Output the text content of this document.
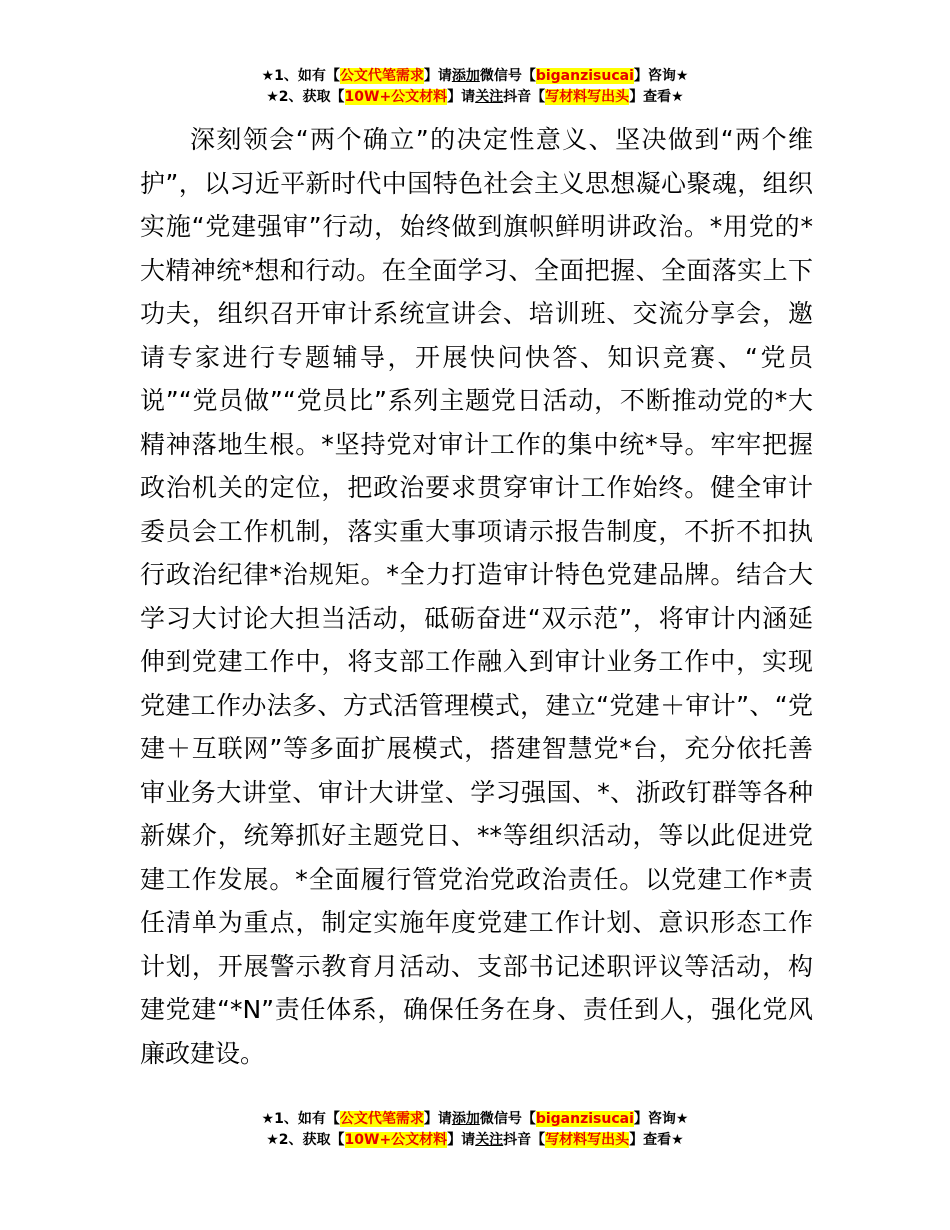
★1、如有【公文代笔需求】请添加微信号【biganzisucai】咨询★
★2、获取【10W+公文材料】请关注抖音【写材料写出头】查看★

深刻领会“两个确立”的决定性意义、坚决做到“两个维护”，以习近平新时代中国特色社会主义思想凝心聚魂，组织实施“党建强审”行动，始终做到旗帜鲜明讲政治。*用党的*大精神统*想和行动。在全面学习、全面把握、全面落实上下功夫，组织召开审计系统宣讲会、培训班、交流分享会，邀请专家进行专题辅导，开展快问快答、知识竞赛、“党员说”“党员做”“党员比”系列主题党日活动，不断推动党的*大精神落地生根。*坚持党对审计工作的集中统*导。牢牢把握政治机关的定位，把政治要求贯穿审计工作始终。健全审计委员会工作机制，落实重大事项请示报告制度，不折不扣执行政治纪律*治规矩。*全力打造审计特色党建品牌。结合大学习大讨论大担当活动，砥砺奋进“双示范”，将审计内涵延伸到党建工作中，将支部工作融入到审计业务工作中，实现党建工作办法多、方式活管理模式，建立“党建＋审计”、“党建＋互联网”等多面扩展模式，搭建智慧党*台，充分依托善审业务大讲堂、审计大讲堂、学习强国、*、浙政钉群等各种新媒介，统筹抓好主题党日、**等组织活动，等以此促进党建工作发展。*全面履行管党治党政治责任。以党建工作*责任清单为重点，制定实施年度党建工作计划、意识形态工作计划，开展警示教育月活动、支部书记述职评议等活动，构建党建“*N”责任体系，确保任务在身、责任到人，强化党风廉政建设。

★1、如有【公文代笔需求】请添加微信号【biganzisucai】咨询★
★2、获取【10W+公文材料】请关注抖音【写材料写出头】查看★
